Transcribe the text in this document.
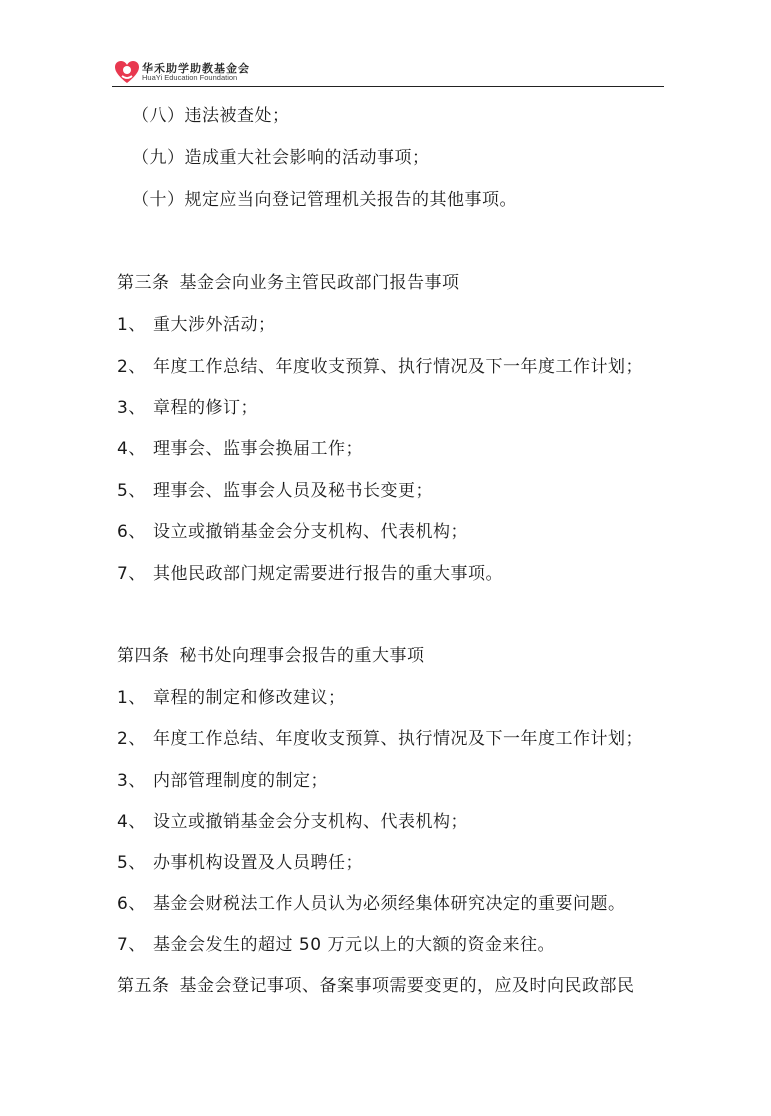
华禾助学助教基金会
HuaYi Education Foundation
（八）违法被查处；
（九）造成重大社会影响的活动事项；
（十）规定应当向登记管理机关报告的其他事项。
第三条 基金会向业务主管民政部门报告事项
1、 重大涉外活动；
2、 年度工作总结、年度收支预算、执行情况及下一年度工作计划；
3、 章程的修订；
4、 理事会、监事会换届工作；
5、 理事会、监事会人员及秘书长变更；
6、 设立或撤销基金会分支机构、代表机构；
7、 其他民政部门规定需要进行报告的重大事项。
第四条 秘书处向理事会报告的重大事项
1、 章程的制定和修改建议；
2、 年度工作总结、年度收支预算、执行情况及下一年度工作计划；
3、 内部管理制度的制定；
4、 设立或撤销基金会分支机构、代表机构；
5、 办事机构设置及人员聘任；
6、 基金会财税法工作人员认为必须经集体研究决定的重要问题。
7、 基金会发生的超过 50 万元以上的大额的资金来往。
第五条 基金会登记事项、备案事项需要变更的，应及时向民政部民
